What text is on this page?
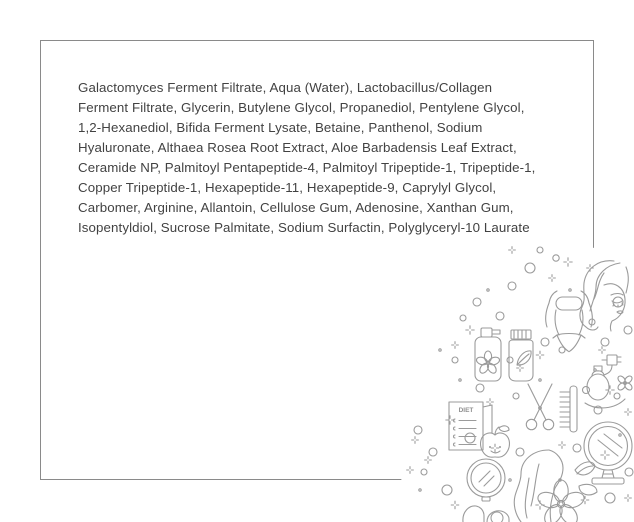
Galactomyces Ferment Filtrate, Aqua (Water), Lactobacillus/Collagen
Ferment Filtrate, Glycerin, Butylene Glycol, Propanediol, Pentylene Glycol,
1,2-Hexanediol, Bifida Ferment Lysate, Betaine, Panthenol, Sodium
Hyaluronate, Althaea Rosea Root Extract, Aloe Barbadensis Leaf Extract,
Ceramide NP, Palmitoyl Pentapeptide-4, Palmitoyl Tripeptide-1, Tripeptide-1,
Copper Tripeptide-1, Hexapeptide-11, Hexapeptide-9, Caprylyl Glycol,
Carbomer, Arginine, Allantoin, Cellulose Gum, Adenosine, Xanthan Gum,
Isopentyldiol, Sucrose Palmitate, Sodium Surfactin, Polyglyceryl-10 Laurate
DIET
